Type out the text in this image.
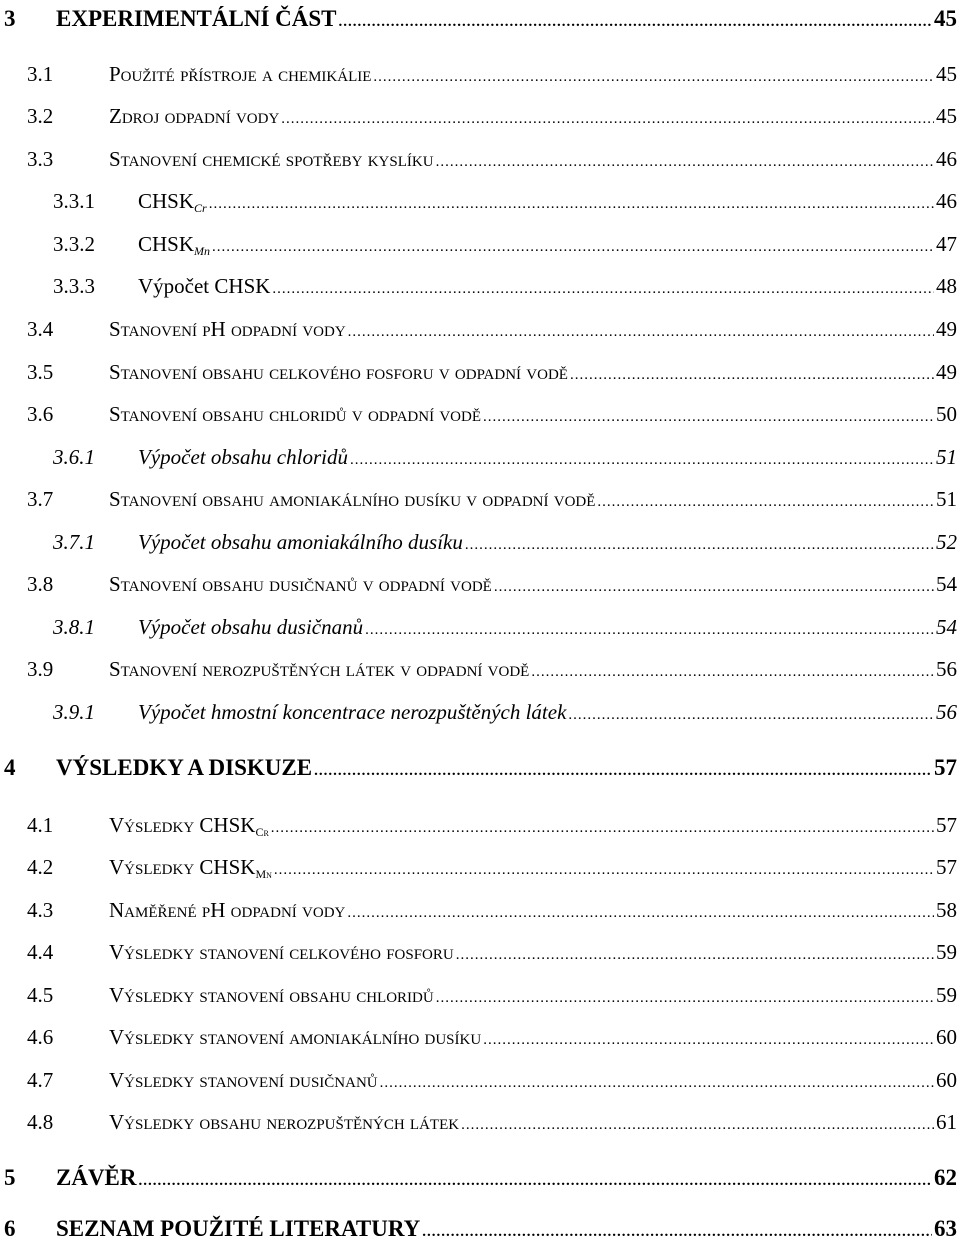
3	EXPERIMENTÁLNÍ ČÁST .....	45
3.1	Použité přístroje a chemikálie .....	45
3.2	Zdroj odpadní vody .....	45
3.3	Stanovení chemické spotřeby kyslíku .....	46
3.3.1	$CHSK_{Cr}$ .....	46
3.3.2	$CHSK_{Mn}$ .....	47
3.3.3	Výpočet CHSK .....	48
3.4	Stanovení pH odpadní vody .....	49
3.5	Stanovení obsahu celkového fosforu v odpadní vodě .....	49
3.6	Stanovení obsahu chloridů v odpadní vodě .....	50
3.6.1	Výpočet obsahu chloridů .....	51
3.7	Stanovení obsahu amoniakálního dusíku v odpadní vodě .....	51
3.7.1	Výpočet obsahu amoniakálního dusíku .....	52
3.8	Stanovení obsahu dusičnanů v odpadní vodě .....	54
3.8.1	Výpočet obsahu dusičnanů .....	54
3.9	Stanovení nerozpuštěných látek v odpadní vodě .....	56
3.9.1	Výpočet hmostní koncentrace nerozpuštěných látek .....	56
4	VÝSLEDKY A DISKUZE .....	57
4.1	Výsledky $CHSK_{Cr}$ .....	57
4.2	Výsledky $CHSK_{Mn}$ .....	57
4.3	Naměřené pH odpadní vody .....	58
4.4	Výsledky stanovení celkového fosforu .....	59
4.5	Výsledky stanovení obsahu chloridů .....	59
4.6	Výsledky stanovení amoniakálního dusíku .....	60
4.7	Výsledky stanovení dusičnanů .....	60
4.8	Výsledky obsahu nerozpuštěných látek .....	61
5	ZÁVĚR .....	62
6	SEZNAM POUŽITÉ LITERATURY .....	63
